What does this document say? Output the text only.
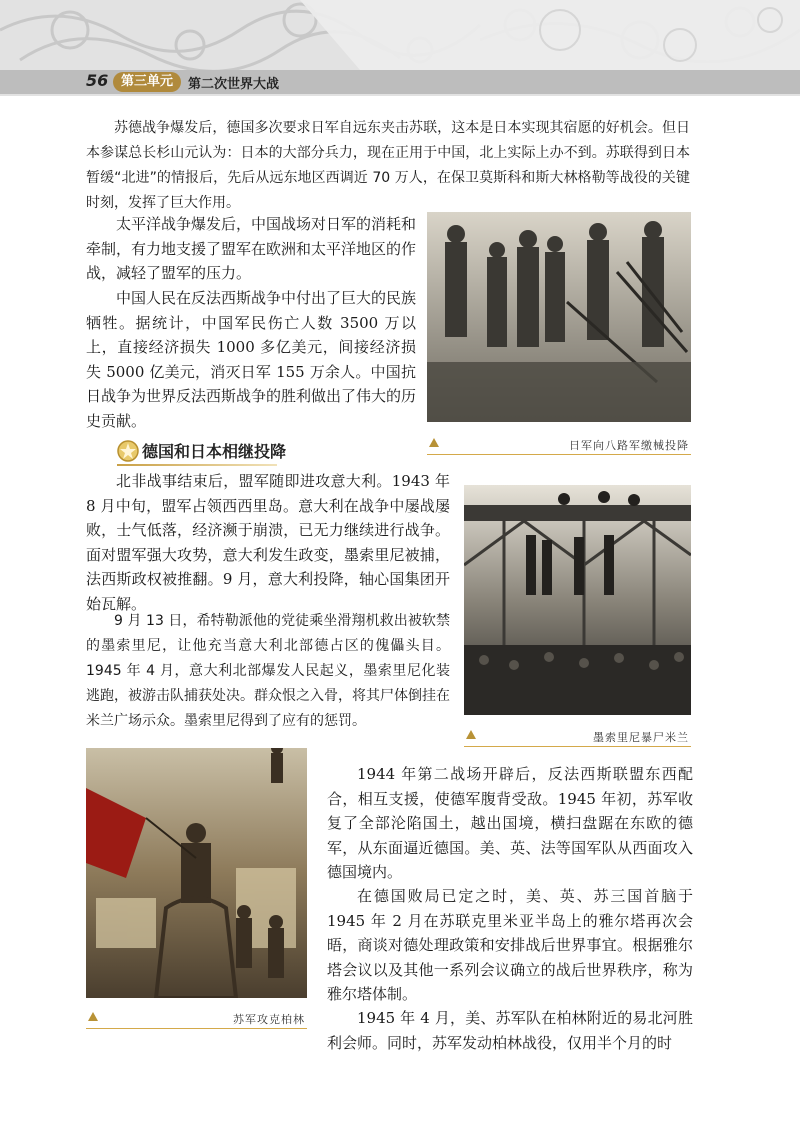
56 第三单元	第二次世界大战

苏德战争爆发后，德国多次要求日军自远东夹击苏联，这本是日本实现其宿愿的好机会。但日本参谋总长杉山元认为：日本的大部分兵力，现在正用于中国，北上实际上办不到。苏联得到日本暂缓“北进”的情报后，先后从远东地区西调近 70 万人，在保卫莫斯科和斯大林格勒等战役的关键时刻，发挥了巨大作用。

太平洋战争爆发后，中国战场对日军的消耗和牵制，有力地支援了盟军在欧洲和太平洋地区的作战，减轻了盟军的压力。

中国人民在反法西斯战争中付出了巨大的民族牺牲。据统计，中国军民伤亡人数 3500 万以上，直接经济损失 1000 多亿美元，间接经济损失 5000 亿美元，消灭日军 155 万余人。中国抗日战争为世界反法西斯战争的胜利做出了伟大的历史贡献。

日军向八路军缴械投降
德国和日本相继投降

北非战事结束后，盟军随即进攻意大利。1943 年 8 月中旬，盟军占领西西里岛。意大利在战争中屡战屡败，士气低落，经济濒于崩溃，已无力继续进行战争。面对盟军强大攻势，意大利发生政变，墨索里尼被捕，法西斯政权被推翻。9 月，意大利投降，轴心国集团开始瓦解。

9 月 13 日，希特勒派他的党徒乘坐滑翔机救出被软禁的墨索里尼，让他充当意大利北部德占区的傀儡头目。1945 年 4 月，意大利北部爆发人民起义，墨索里尼化装逃跑，被游击队捕获处决。群众恨之入骨，将其尸体倒挂在米兰广场示众。墨索里尼得到了应有的惩罚。

墨索里尼暴尸米兰
苏军攻克柏林

1944 年第二战场开辟后，反法西斯联盟东西配合，相互支援，使德军腹背受敌。1945 年初，苏军收复了全部沦陷国土，越出国境，横扫盘踞在东欧的德军，从东面逼近德国。美、英、法等国军队从西面攻入德国境内。

在德国败局已定之时，美、英、苏三国首脑于 1945 年 2 月在苏联克里米亚半岛上的雅尔塔再次会晤，商谈对德处理政策和安排战后世界事宜。根据雅尔塔会议以及其他一系列会议确立的战后世界秩序，称为雅尔塔体制。

1945 年 4 月，美、苏军队在柏林附近的易北河胜利会师。同时，苏军发动柏林战役，仅用半个月的时
